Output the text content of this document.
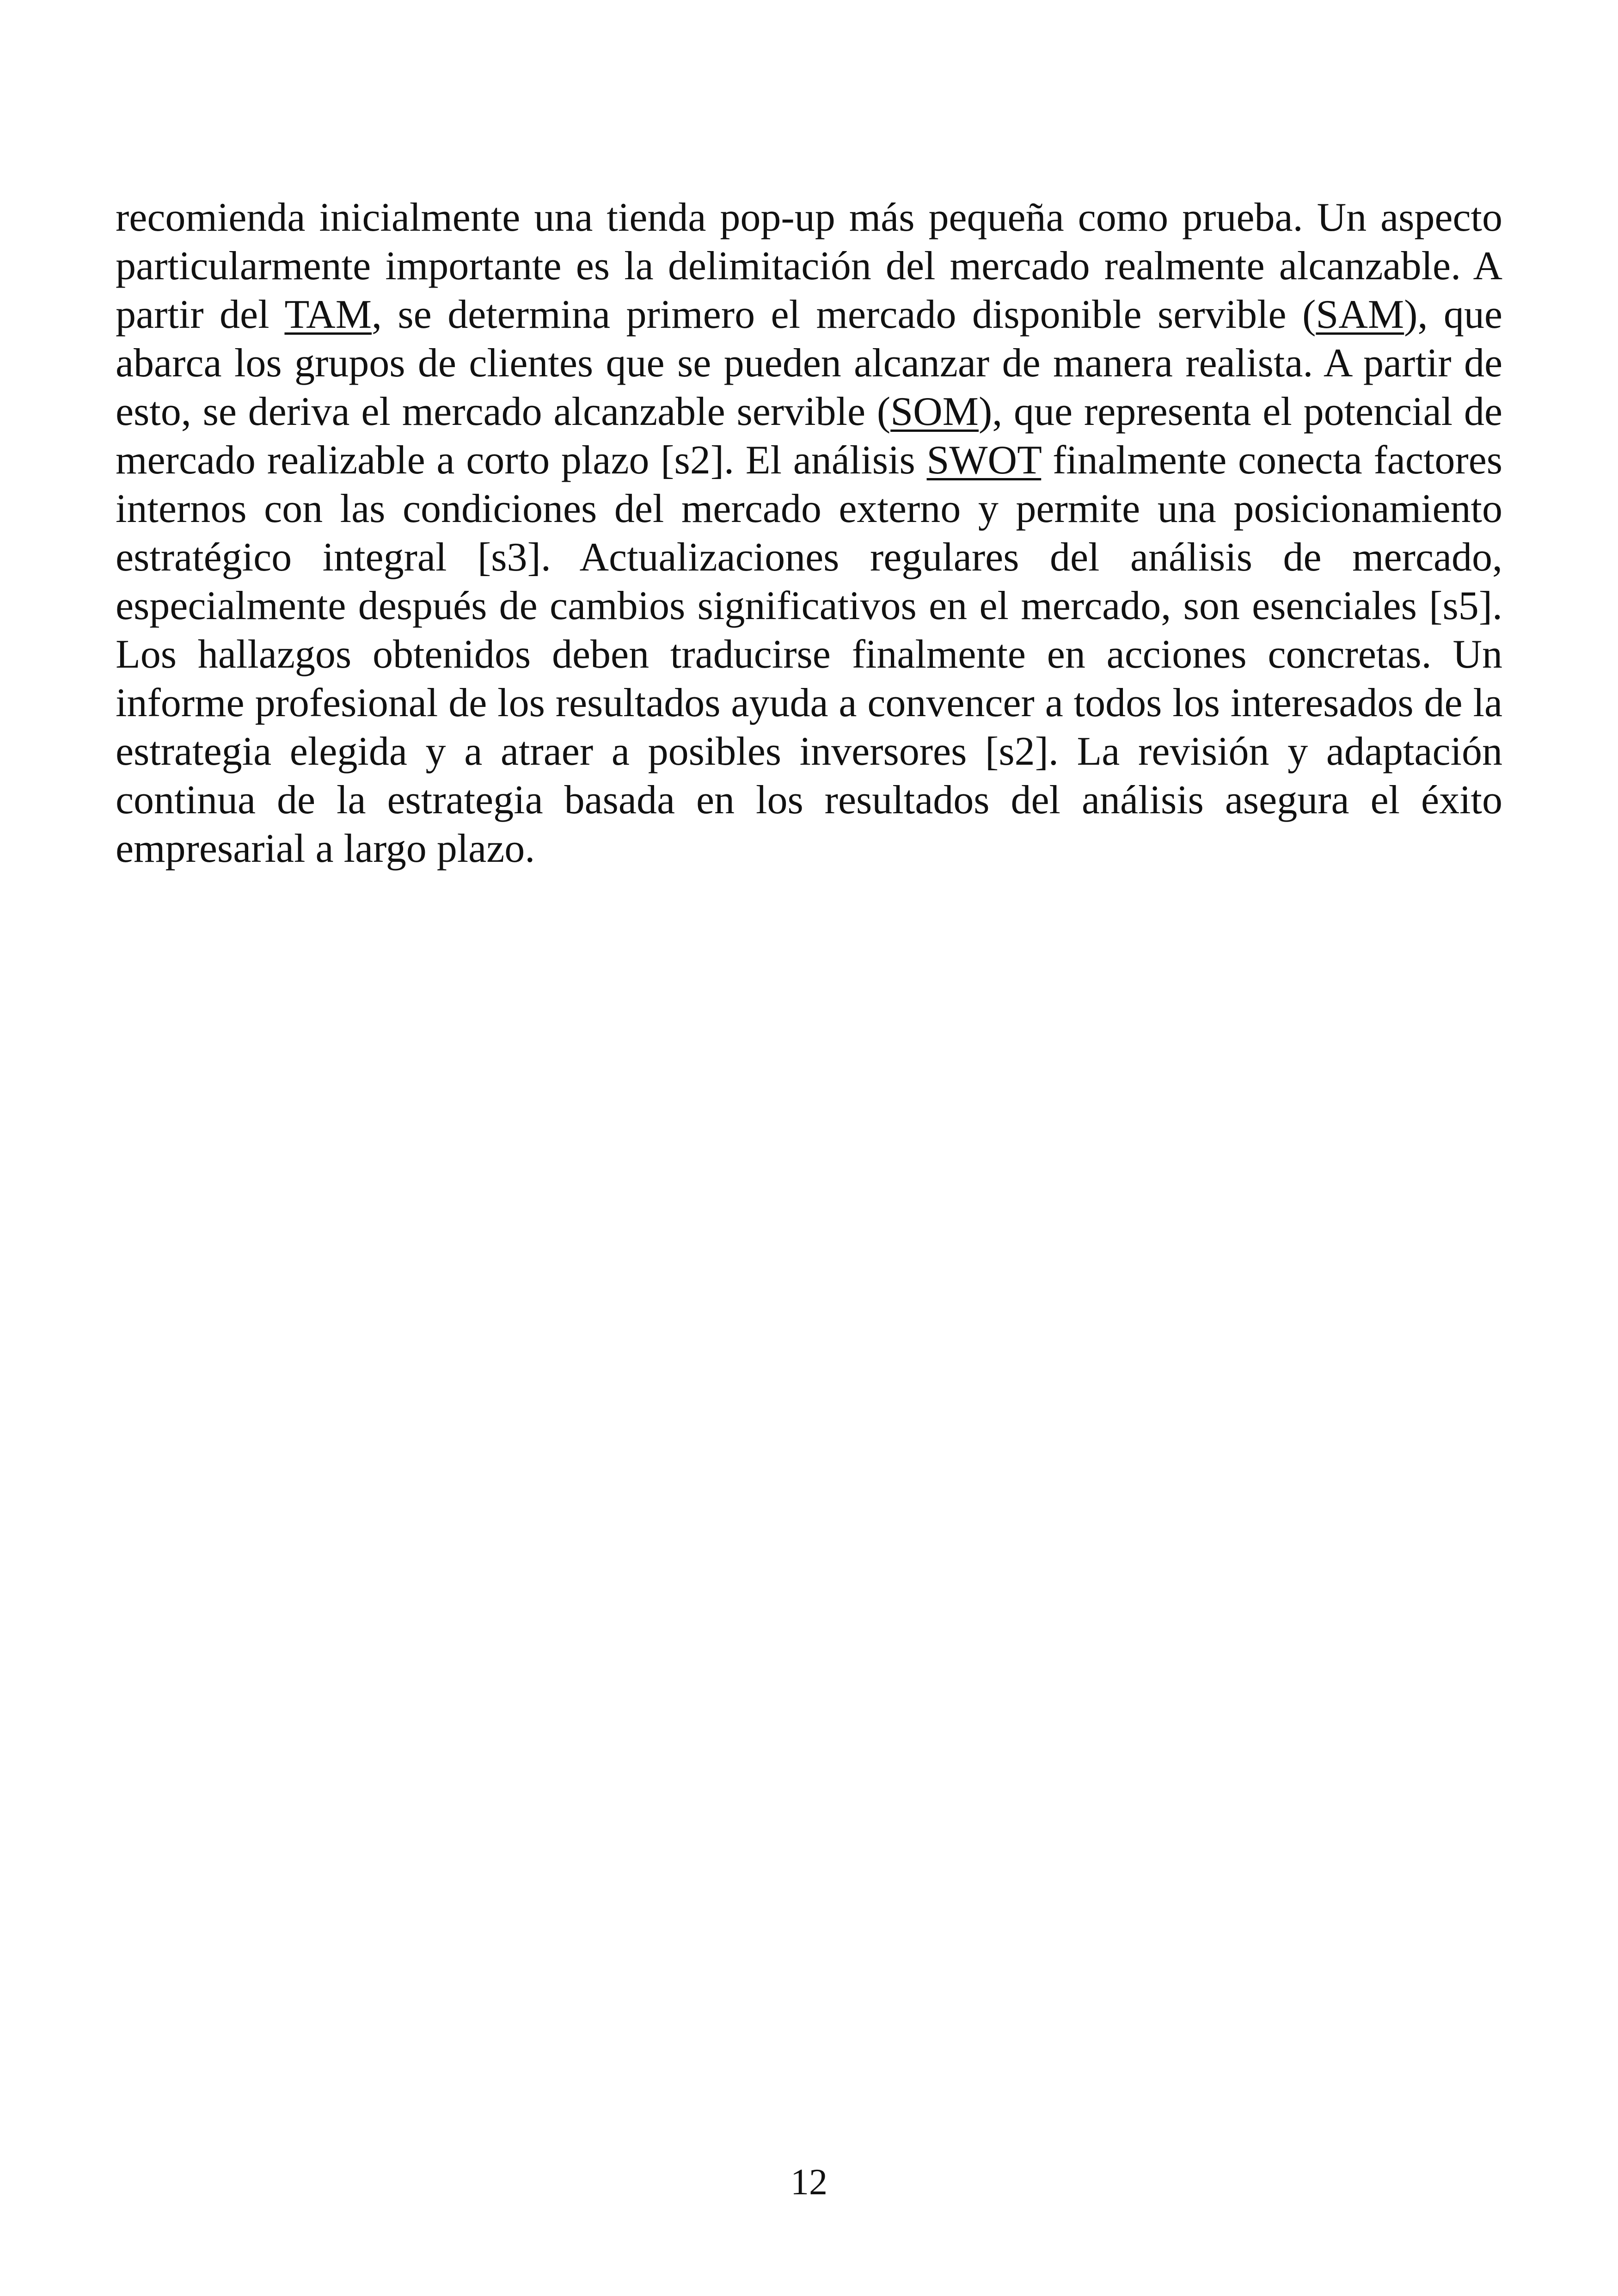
recomienda inicialmente una tienda pop-up más pequeña como prueba. Un aspecto particularmente importante es la delimitación del mercado realmente alcanzable. A partir del TAM, se determina primero el mercado disponible servible (SAM), que abarca los grupos de clientes que se pueden alcanzar de manera realista. A partir de esto, se deriva el mercado alcanzable servible (SOM), que representa el potencial de mercado realizable a corto plazo [s2]. El análisis SWOT finalmente conecta factores internos con las condiciones del mercado externo y permite una posicionamiento estratégico integral [s3]. Actualizaciones regulares del análisis de mercado, especialmente después de cambios significativos en el mercado, son esenciales [s5]. Los hallazgos obtenidos deben traducirse finalmente en acciones concretas. Un informe profesional de los resultados ayuda a convencer a todos los interesados de la estrategia elegida y a atraer a posibles inversores [s2]. La revisión y adaptación continua de la estrategia basada en los resultados del análisis asegura el éxito empresarial a largo plazo.

12
